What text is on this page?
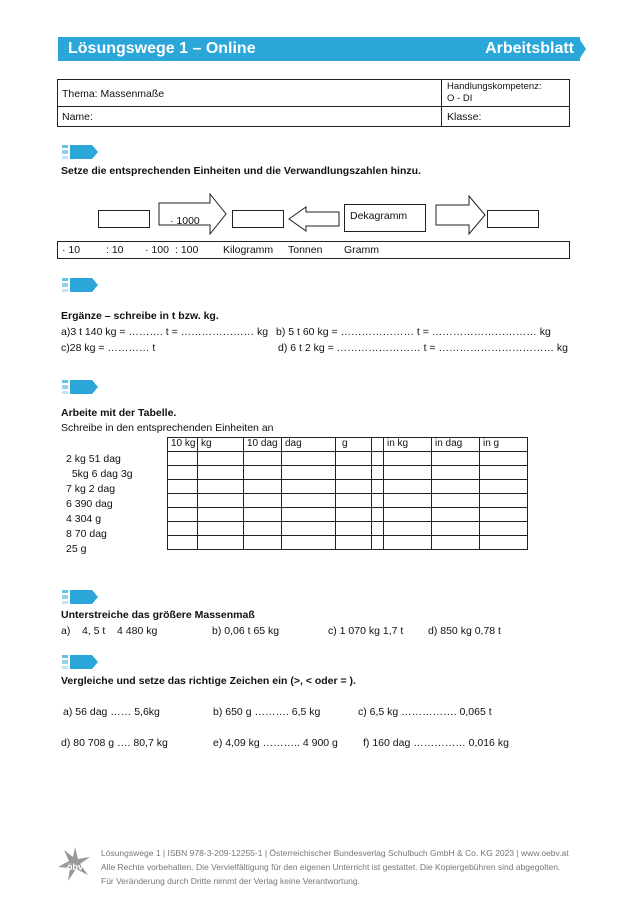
Lösungswege 1 – Online	Arbeitsblatt
Thema: Massenmaße
Handlungskompetenz:
O - DI
Name:	Klasse:
Setze die entsprechenden Einheiten und die Verwandlungszahlen hinzu.
· 1000	Dekagramm
· 10 : 10 · 100 : 100 Kilogramm Tonnen Gramm
Ergänze – schreibe in t bzw. kg.
a)3 t 140 kg = ………. t = ………………… kg b) 5 t 60 kg = ………………… t = ………………………… kg
c)28 kg = ………… t	d) 6 t 2 kg = …………………… t = …………………………… kg
Arbeite mit der Tabelle.
Schreibe in den entsprechenden Einheiten an
2 kg 51 dag
5kg 6 dag 3g
7 kg 2 dag
6 390 dag
4 304 g
8 70 dag
25 g
10 kg	kg	10 dag	dag	g		in kg	in dag	in g

Unterstreiche das größere Massenmaß
a)    4, 5 t    4 480 kg	b) 0,06 t 65 kg	c) 1 070 kg 1,7 t d) 850 kg 0,78 t
Vergleiche und setze das richtige Zeichen ein (>, < oder = ).
a) 56 dag …… 5,6kg	b) 650 g ………. 6,5 kg	c) 6,5 kg ……………. 0,065 t
d) 80 708 g …. 80,7 kg	e) 4,09 kg ……….. 4 900 g f) 160 dag …………… 0,016 kg
öbv
Lösungswege 1 | ISBN 978-3-209-12255-1 | Österreichischer Bundesverlag Schulbuch GmbH & Co. KG 2023 | www.oebv.at
Alle Rechte vorbehalten. Die Vervielfältigung für den eigenen Unterricht ist gestattet. Die Kopiergebühren sind abgegolten.
Für Veränderung durch Dritte nimmt der Verlag keine Verantwortung.
